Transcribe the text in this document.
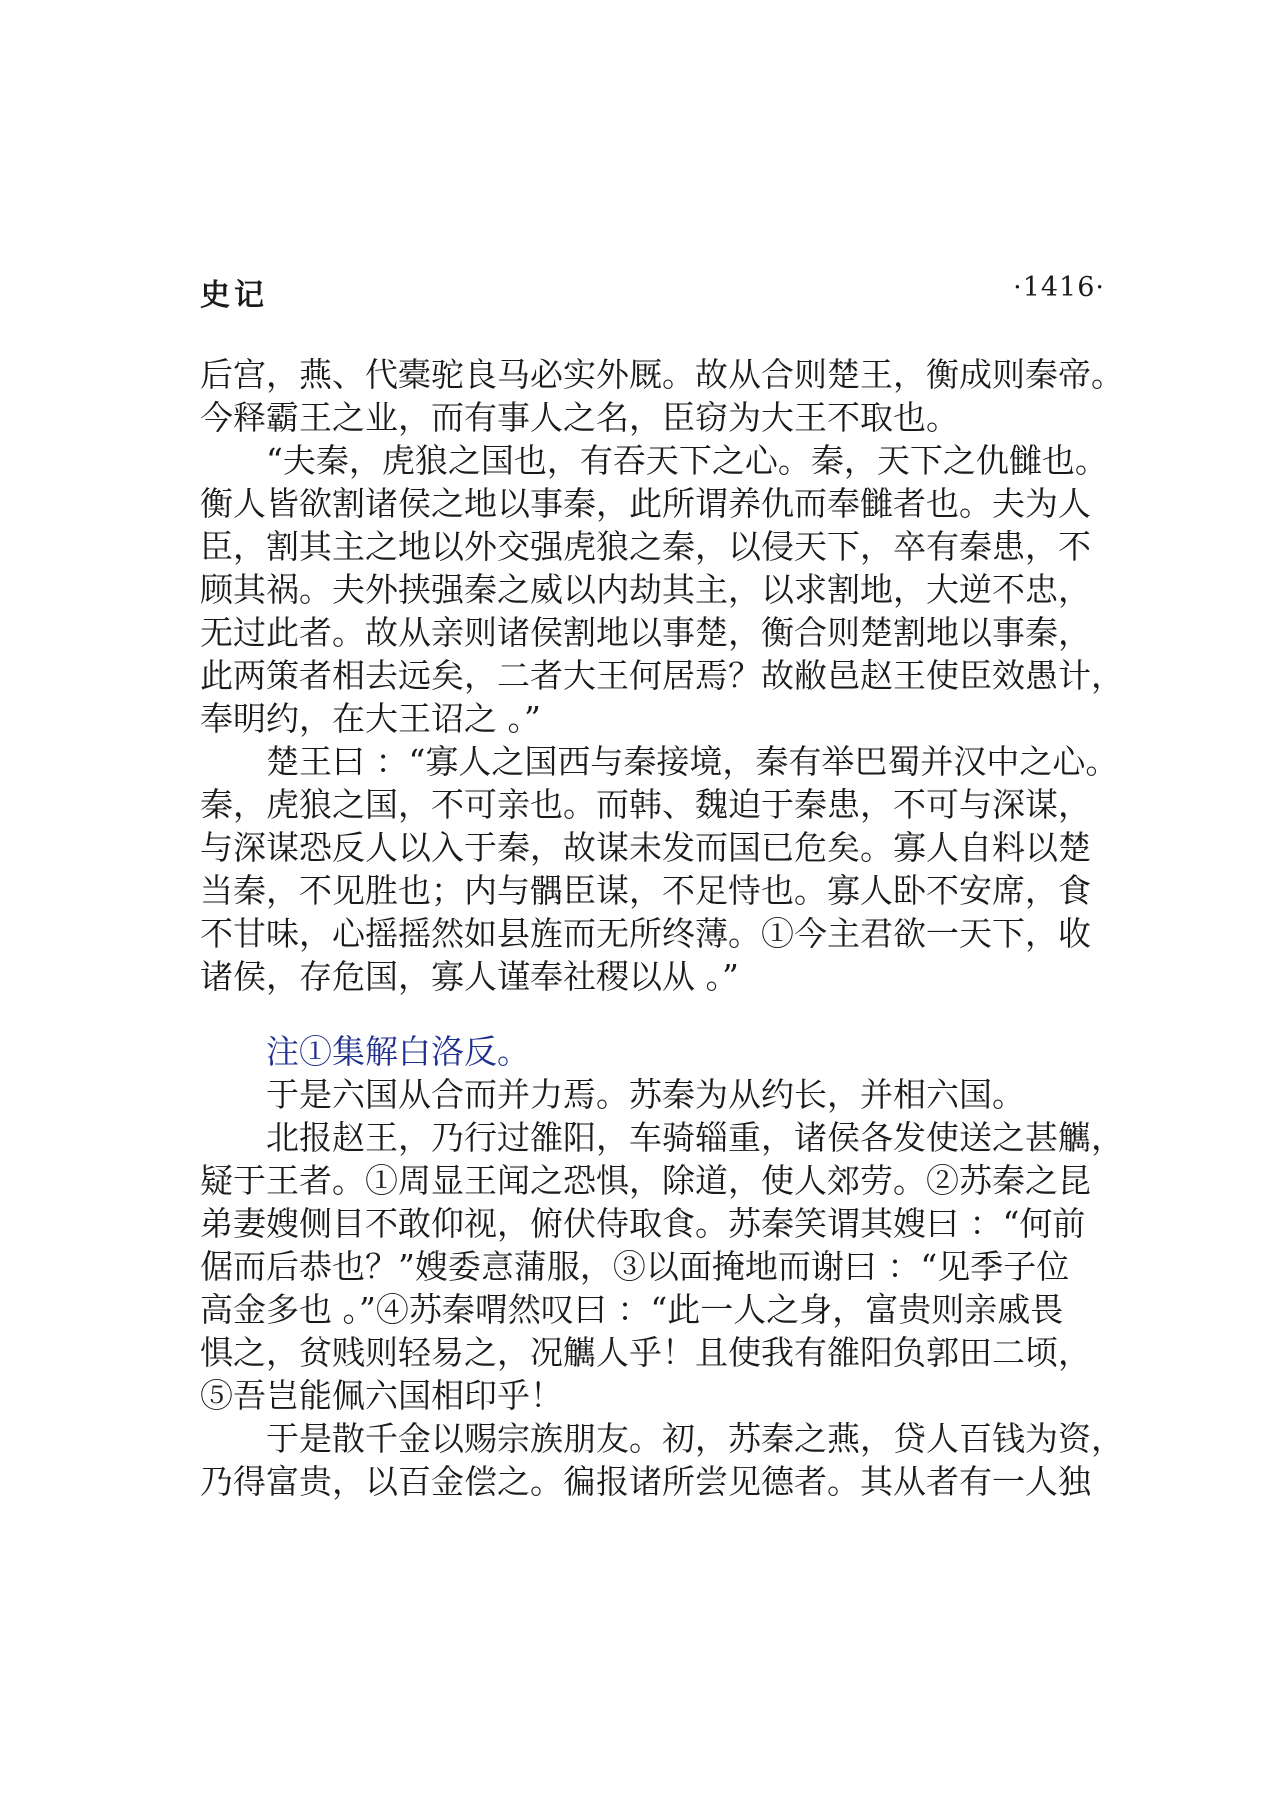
史记	·1416·
后宫，燕、代橐驼良马必实外厩。故从合则楚王，衡成则秦帝。
今释霸王之业，而有事人之名，臣窃为大王不取也。
“夫秦，虎狼之国也，有吞天下之心。秦，天下之仇雠也。
衡人皆欲割诸侯之地以事秦，此所谓养仇而奉雠者也。夫为人
臣，割其主之地以外交强虎狼之秦，以侵天下，卒有秦患，不
顾其祸。夫外挟强秦之威以内劫其主，以求割地，大逆不忠，
无过此者。故从亲则诸侯割地以事楚，衡合则楚割地以事秦，
此两策者相去远矣，二者大王何居焉？故敝邑赵王使臣效愚计，
奉明约，在大王诏之 。”
楚王曰 ：“寡人之国西与秦接境，秦有举巴蜀并汉中之心。
秦，虎狼之国，不可亲也。而韩、魏迫于秦患，不可与深谋，
与深谋恐反人以入于秦，故谋未发而国已危矣。寡人自料以楚
当秦，不见胜也；内与髃臣谋，不足恃也。寡人卧不安席，食
不甘味，心摇摇然如县旌而无所终薄。①今主君欲一天下，收
诸侯，存危国，寡人谨奉社稷以从 。”
注①集解白洛反。
于是六国从合而并力焉。苏秦为从约长，并相六国。
北报赵王，乃行过雒阳，车骑辎重，诸侯各发使送之甚觽，
疑于王者。①周显王闻之恐惧，除道，使人郊劳。②苏秦之昆
弟妻嫂侧目不敢仰视，俯伏侍取食。苏秦笑谓其嫂曰 ：“何前
倨而后恭也？”嫂委悥蒲服，③以面掩地而谢曰 ：“见季子位
高金多也 。”④苏秦喟然叹曰 ：“此一人之身，富贵则亲戚畏
惧之，贫贱则轻易之，况觽人乎！且使我有雒阳负郭田二顷，
⑤吾岂能佩六国相印乎！
于是散千金以赐宗族朋友。初，苏秦之燕，贷人百钱为资，
乃得富贵，以百金偿之。徧报诸所尝见德者。其从者有一人独
